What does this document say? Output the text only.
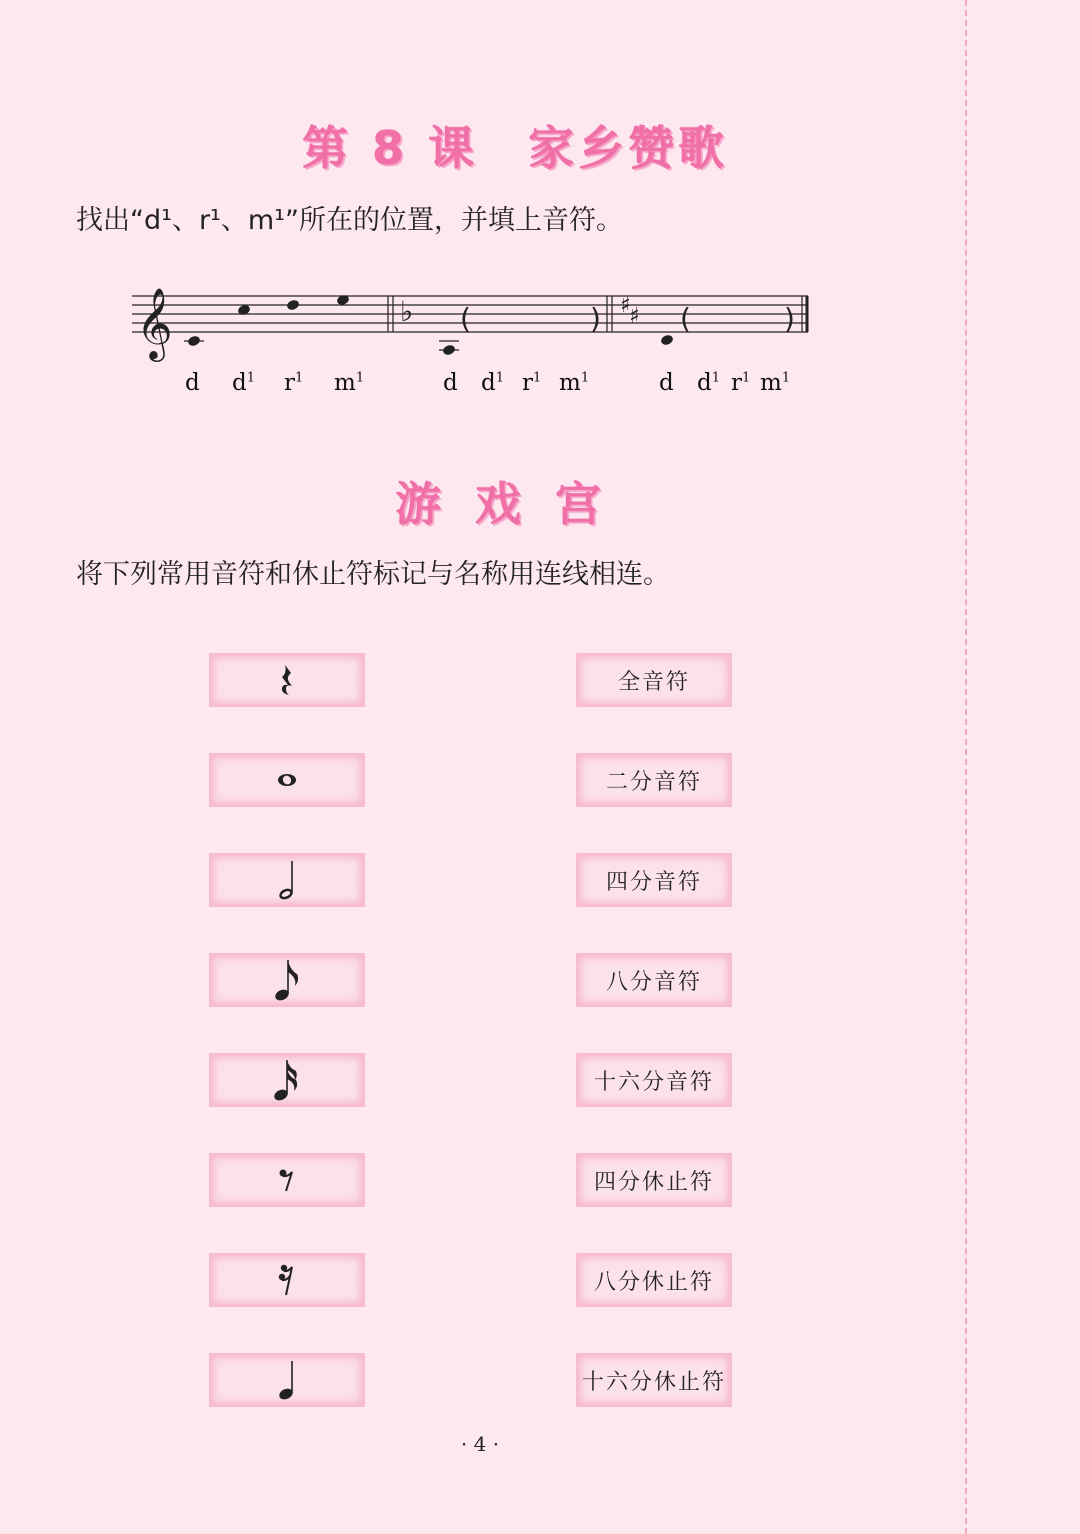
第 8 课　家乡赞歌
找出“d¹、r¹、m¹”所在的位置，并填上音符。
𝄞	♭ (	) ♯
♯ (	)
d $d^1$ $r^1$ $m^1$	d $d^1$ $r^1$ $m^1$	d $d^1$ $r^1$ $m^1$
游戏宫
将下列常用音符和休止符标记与名称用连线相连。
全音符
二分音符
四分音符
八分音符
十六分音符
四分休止符
八分休止符
十六分休止符
· 4 ·
